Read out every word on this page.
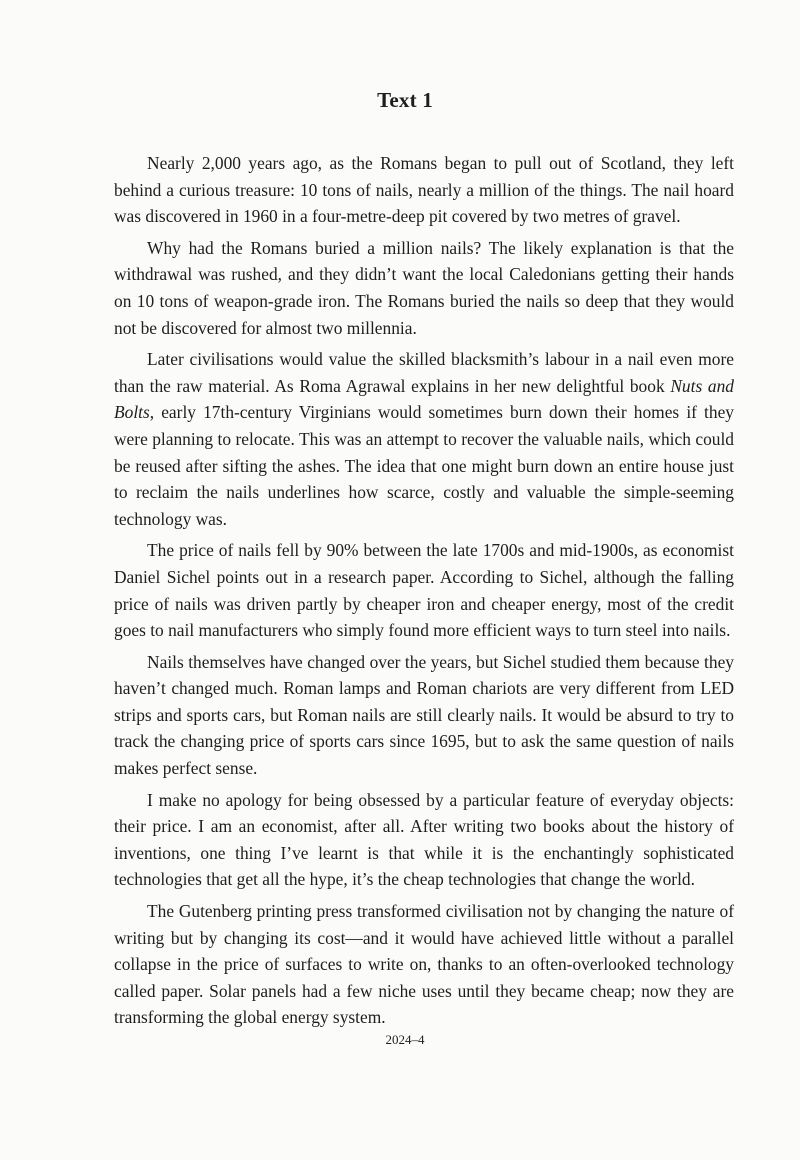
Text 1

Nearly 2,000 years ago, as the Romans began to pull out of Scotland, they left behind a curious treasure: 10 tons of nails, nearly a million of the things. The nail hoard was discovered in 1960 in a four-metre-deep pit covered by two metres of gravel.

Why had the Romans buried a million nails? The likely explanation is that the withdrawal was rushed, and they didn’t want the local Caledonians getting their hands on 10 tons of weapon-grade iron. The Romans buried the nails so deep that they would not be discovered for almost two millennia.

Later civilisations would value the skilled blacksmith’s labour in a nail even more than the raw material. As Roma Agrawal explains in her new delightful book Nuts and Bolts, early 17th-century Virginians would sometimes burn down their homes if they were planning to relocate. This was an attempt to recover the valuable nails, which could be reused after sifting the ashes. The idea that one might burn down an entire house just to reclaim the nails underlines how scarce, costly and valuable the simple-seeming technology was.

The price of nails fell by 90% between the late 1700s and mid-1900s, as economist Daniel Sichel points out in a research paper. According to Sichel, although the falling price of nails was driven partly by cheaper iron and cheaper energy, most of the credit goes to nail manufacturers who simply found more efficient ways to turn steel into nails.

Nails themselves have changed over the years, but Sichel studied them because they haven’t changed much. Roman lamps and Roman chariots are very different from LED strips and sports cars, but Roman nails are still clearly nails. It would be absurd to try to track the changing price of sports cars since 1695, but to ask the same question of nails makes perfect sense.

I make no apology for being obsessed by a particular feature of everyday objects: their price. I am an economist, after all. After writing two books about the history of inventions, one thing I’ve learnt is that while it is the enchantingly sophisticated technologies that get all the hype, it’s the cheap technologies that change the world.

The Gutenberg printing press transformed civilisation not by changing the nature of writing but by changing its cost—and it would have achieved little without a parallel collapse in the price of surfaces to write on, thanks to an often-overlooked technology called paper. Solar panels had a few niche uses until they became cheap; now they are transforming the global energy system.

2024–4
